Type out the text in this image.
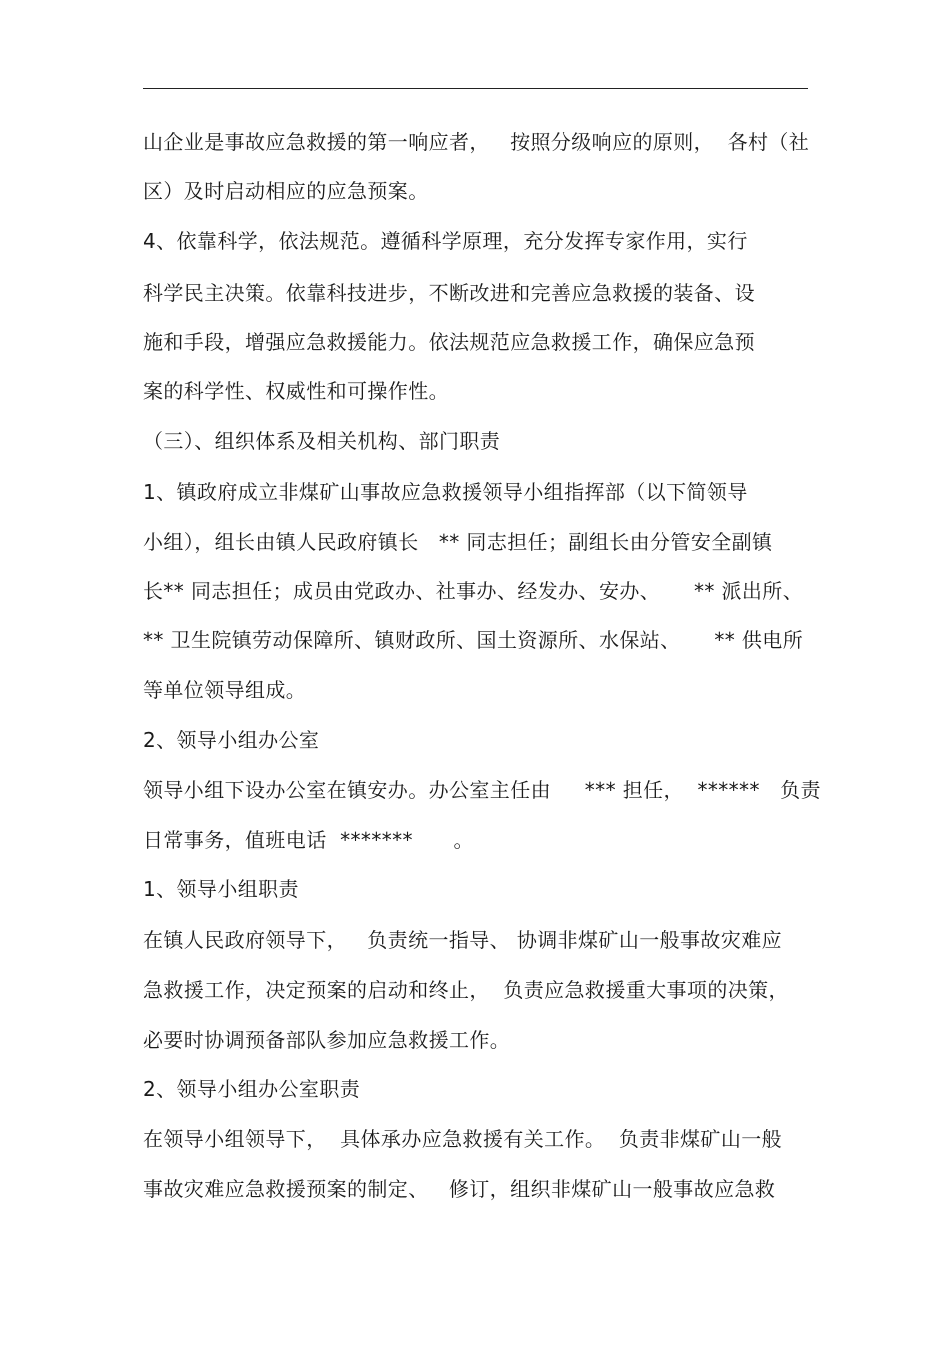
山企业是事故应急救援的第一响应者，   按照分级响应的原则，  各村（社
区）及时启动相应的应急预案。
4、依靠科学，依法规范。遵循科学原理，充分发挥专家作用，实行
科学民主决策。依靠科技进步，不断改进和完善应急救援的装备、设
施和手段，增强应急救援能力。依法规范应急救援工作，确保应急预
案的科学性、权威性和可操作性。
（三）、组织体系及相关机构、部门职责
1、镇政府成立非煤矿山事故应急救援领导小组指挥部（以下简领导
小组），组长由镇人民政府镇长   ** 同志担任；副组长由分管安全副镇
长** 同志担任；成员由党政办、社事办、经发办、安办、     ** 派出所、
** 卫生院镇劳动保障所、镇财政所、国土资源所、水保站、     ** 供电所
等单位领导组成。
2、领导小组办公室
领导小组下设办公室在镇安办。办公室主任由     *** 担任，  ******   负责
日常事务，值班电话  *******      。
1、领导小组职责
在镇人民政府领导下，   负责统一指导、 协调非煤矿山一般事故灾难应
急救援工作，决定预案的启动和终止，  负责应急救援重大事项的决策，
必要时协调预备部队参加应急救援工作。
2、领导小组办公室职责
在领导小组领导下，  具体承办应急救援有关工作。  负责非煤矿山一般
事故灾难应急救援预案的制定、   修订，组织非煤矿山一般事故应急救
